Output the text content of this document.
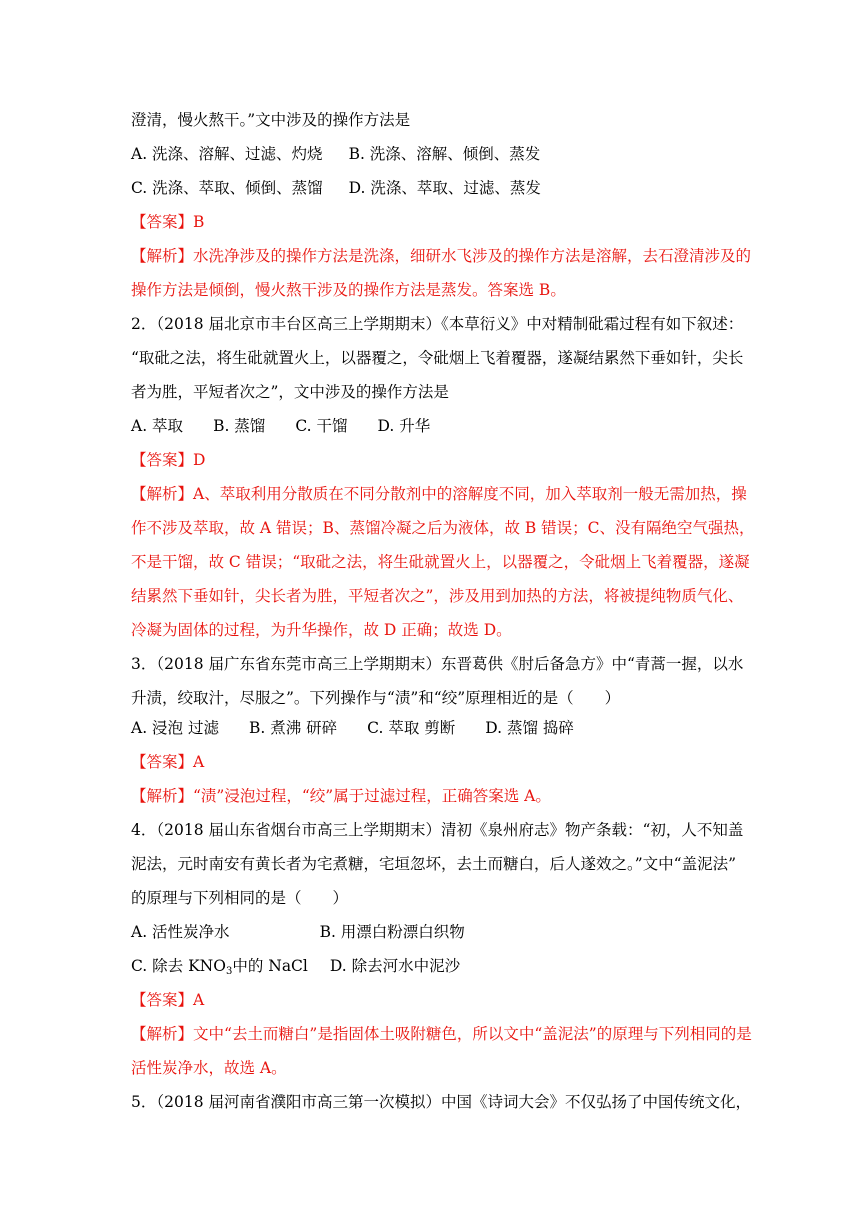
澄清，慢火熬干。”文中涉及的操作方法是
A. 洗涤、溶解、过滤、灼烧 B. 洗涤、溶解、倾倒、蒸发
C. 洗涤、萃取、倾倒、蒸馏 D. 洗涤、萃取、过滤、蒸发
【答案】B
【解析】水洗净涉及的操作方法是洗涤，细研水飞涉及的操作方法是溶解，去石澄清涉及的
操作方法是倾倒，慢火熬干涉及的操作方法是蒸发。答案选 B。
2．（2018 届北京市丰台区高三上学期期末）《本草衍义》中对精制砒霜过程有如下叙述：
“取砒之法，将生砒就置火上，以器覆之，令砒烟上飞着覆器，遂凝结累然下垂如针，尖长
者为胜，平短者次之”，文中涉及的操作方法是
A. 萃取 B. 蒸馏 C. 干馏 D. 升华
【答案】D
【解析】A、萃取利用分散质在不同分散剂中的溶解度不同，加入萃取剂一般无需加热，操
作不涉及萃取，故 A 错误；B、蒸馏冷凝之后为液体，故 B 错误；C、没有隔绝空气强热，
不是干馏，故 C 错误；“取砒之法，将生砒就置火上，以器覆之，令砒烟上飞着覆器，遂凝
结累然下垂如针，尖长者为胜，平短者次之”，涉及用到加热的方法，将被提纯物质气化、
冷凝为固体的过程，为升华操作，故 D 正确；故选 D。
3．（2018 届广东省东莞市高三上学期期末）东晋葛供《肘后备急方》中“青蒿一握，以水
升渍，绞取汁，尽服之”。下列操作与“渍”和“绞”原理相近的是（　　）
A. 浸泡 过滤 B. 煮沸 研碎 C. 萃取 剪断 D. 蒸馏 捣碎
【答案】A
【解析】“渍”浸泡过程，“绞”属于过滤过程，正确答案选 A。
4．（2018 届山东省烟台市高三上学期期末）清初《泉州府志》物产条载：“初，人不知盖
泥法，元时南安有黄长者为宅煮糖，宅垣忽坏，去土而糖白，后人遂效之。”文中“盖泥法”
的原理与下列相同的是（　　）
A. 活性炭净水	B. 用漂白粉漂白织物
C. 除去 $KNO_3$中的 NaCl D. 除去河水中泥沙
【答案】A
【解析】文中“去土而糖白”是指固体土吸附糖色，所以文中“盖泥法”的原理与下列相同的是
活性炭净水，故选 A。
5．（2018 届河南省濮阳市高三第一次模拟）中国《诗词大会》不仅弘扬了中国传统文化，
